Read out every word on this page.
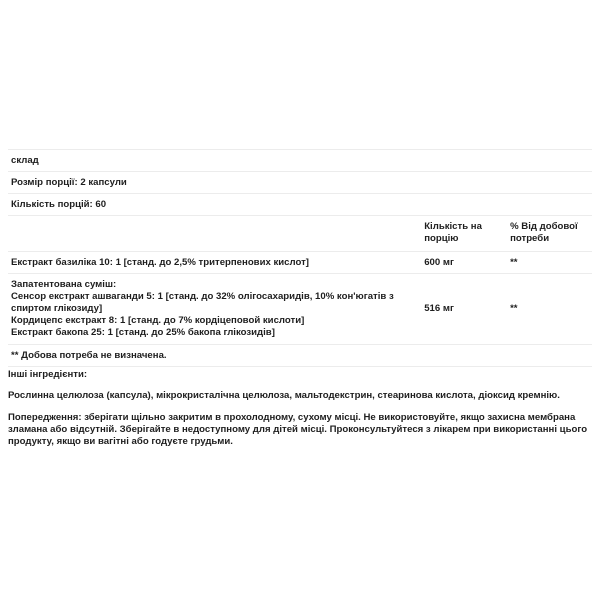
склад		
Розмір порції: 2 капсули		
Кількість порцій: 60		
	Кількість на порцію	% Від добової потреби
Екстракт базиліка 10: 1 [станд. до 2,5% тритерпенових кислот]	600 мг	**

Запатентована суміш:
Сенсор екстракт ашваганди 5: 1 [станд. до 32% олігосахаридів, 10% кон'югатів з спиртом глікозиду]
Кордицепс екстракт 8: 1 [станд. до 7% кордіцеповой кислоти]
Екстракт бакопа 25: 1 [станд. до 25% бакопа глікозидів]	516 мг	**
** Добова потреба не визначена.		
Інші інгредієнти:
Рослинна целюлоза (капсула), мікрокристалічна целюлоза, мальтодекстрин, стеаринова кислота, діоксид кремнію.
Попередження: зберігати щільно закритим в прохолодному, сухому місці. Не використовуйте, якщо захисна мембрана зламана або відсутній. Зберігайте в недоступному для дітей місці. Проконсультуйтеся з лікарем при використанні цього продукту, якщо ви вагітні або годуєте грудьми.
